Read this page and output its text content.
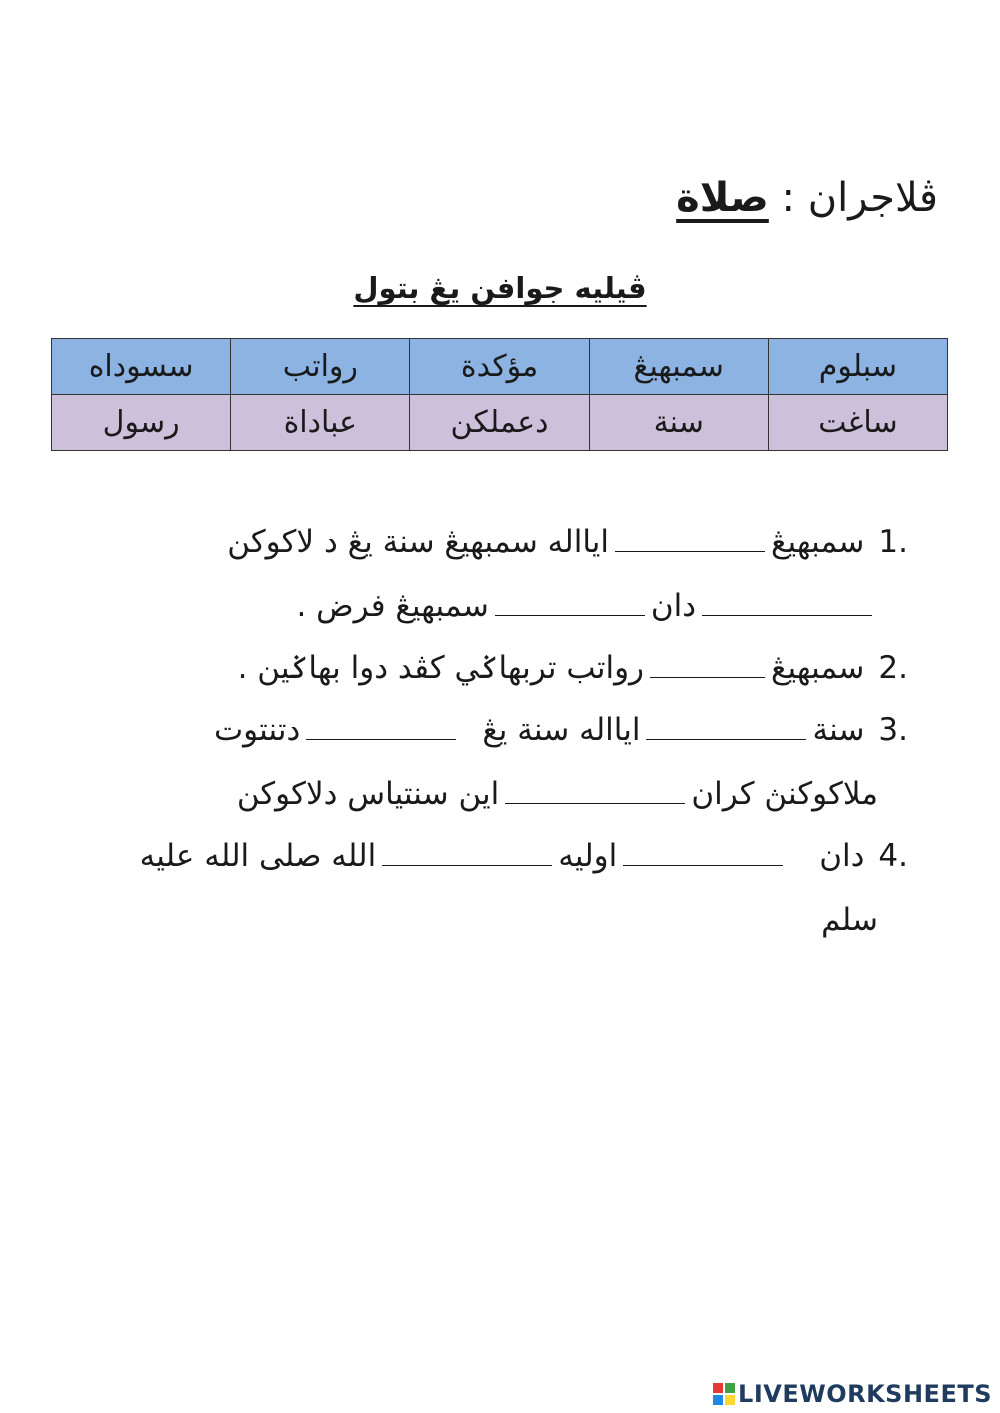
ڤلاجران : صلاة
ڤيليه جوافن يڠ بتول
سبلوم	سمبهيڠ	مؤكدة	رواتب	سسوداه
ساغت	سنة	دعملكن	عباداة	رسول
1.سمبهيڠايااله سمبهيڠ سنة يڠ د لاكوكن
دانسمبهيڠ فرض .
2.سمبهيڠرواتب تربهاݢي كڤد دوا بهاݢين .
3.سنةايااله سنة يڠدتنتوت
ملاكوكنڽ كراناين سنتياس دلاكوكن
4.داناوليهالله صلى الله عليه
سلم
LIVEWORKSHEETS
